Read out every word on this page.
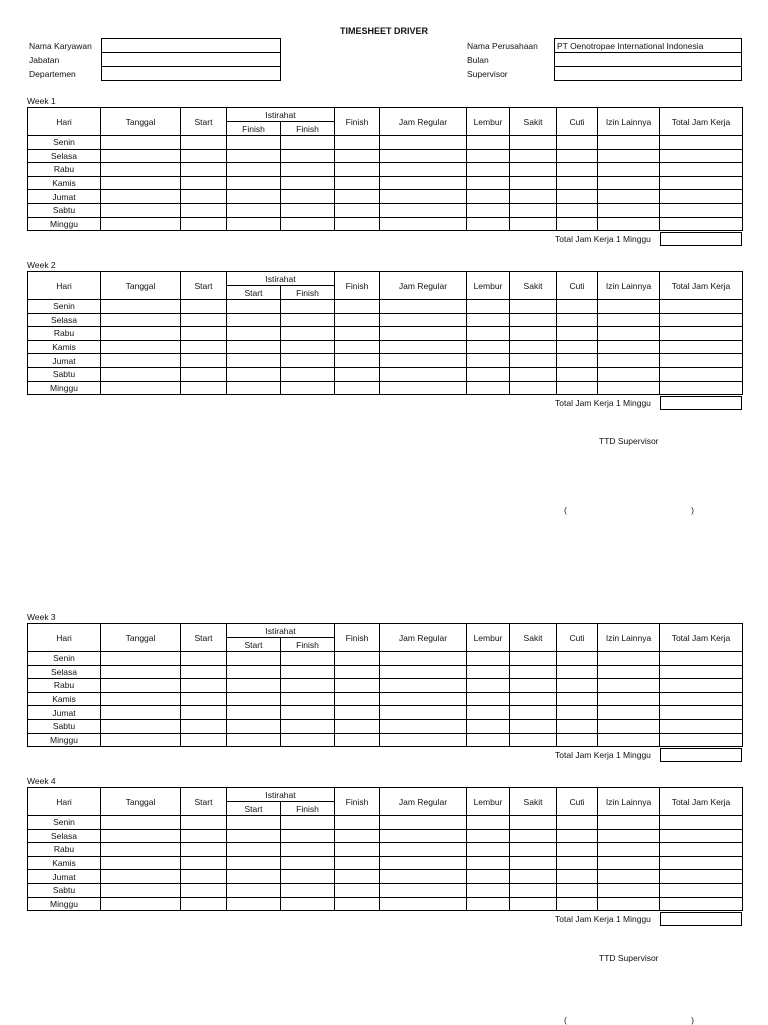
TIMESHEET DRIVER
Nama Karyawan	
Jabatan	
Departemen	
Nama Perusahaan	PT Oenotropae International Indonesia
Bulan	
Supervisor	
Week 1
Hari	Tanggal	Start	Istirahat		Finish	Jam Regular	Lembur	Sakit	Cuti	Izin Lainnya	Total Jam Kerja
			Finish	Finish							
Senin											
Selasa											
Rabu											
Kamis											
Jumat											
Sabtu											
Minggu											
Total Jam Kerja 1 Minggu
Week 2
Hari	Tanggal	Start	Istirahat		Finish	Jam Regular	Lembur	Sakit	Cuti	Izin Lainnya	Total Jam Kerja
			Start	Finish							
Senin											
Selasa											
Rabu											
Kamis											
Jumat											
Sabtu											
Minggu											
Total Jam Kerja 1 Minggu
Week 3
Hari	Tanggal	Start	Istirahat		Finish	Jam Regular	Lembur	Sakit	Cuti	Izin Lainnya	Total Jam Kerja
			Start	Finish							
Senin											
Selasa											
Rabu											
Kamis											
Jumat											
Sabtu											
Minggu											
Total Jam Kerja 1 Minggu
Week 4
Hari	Tanggal	Start	Istirahat		Finish	Jam Regular	Lembur	Sakit	Cuti	Izin Lainnya	Total Jam Kerja
			Start	Finish							
Senin											
Selasa											
Rabu											
Kamis											
Jumat											
Sabtu											
Minggu											
Total Jam Kerja 1 Minggu
TTD Supervisor
(	)
TTD Supervisor
(	)
